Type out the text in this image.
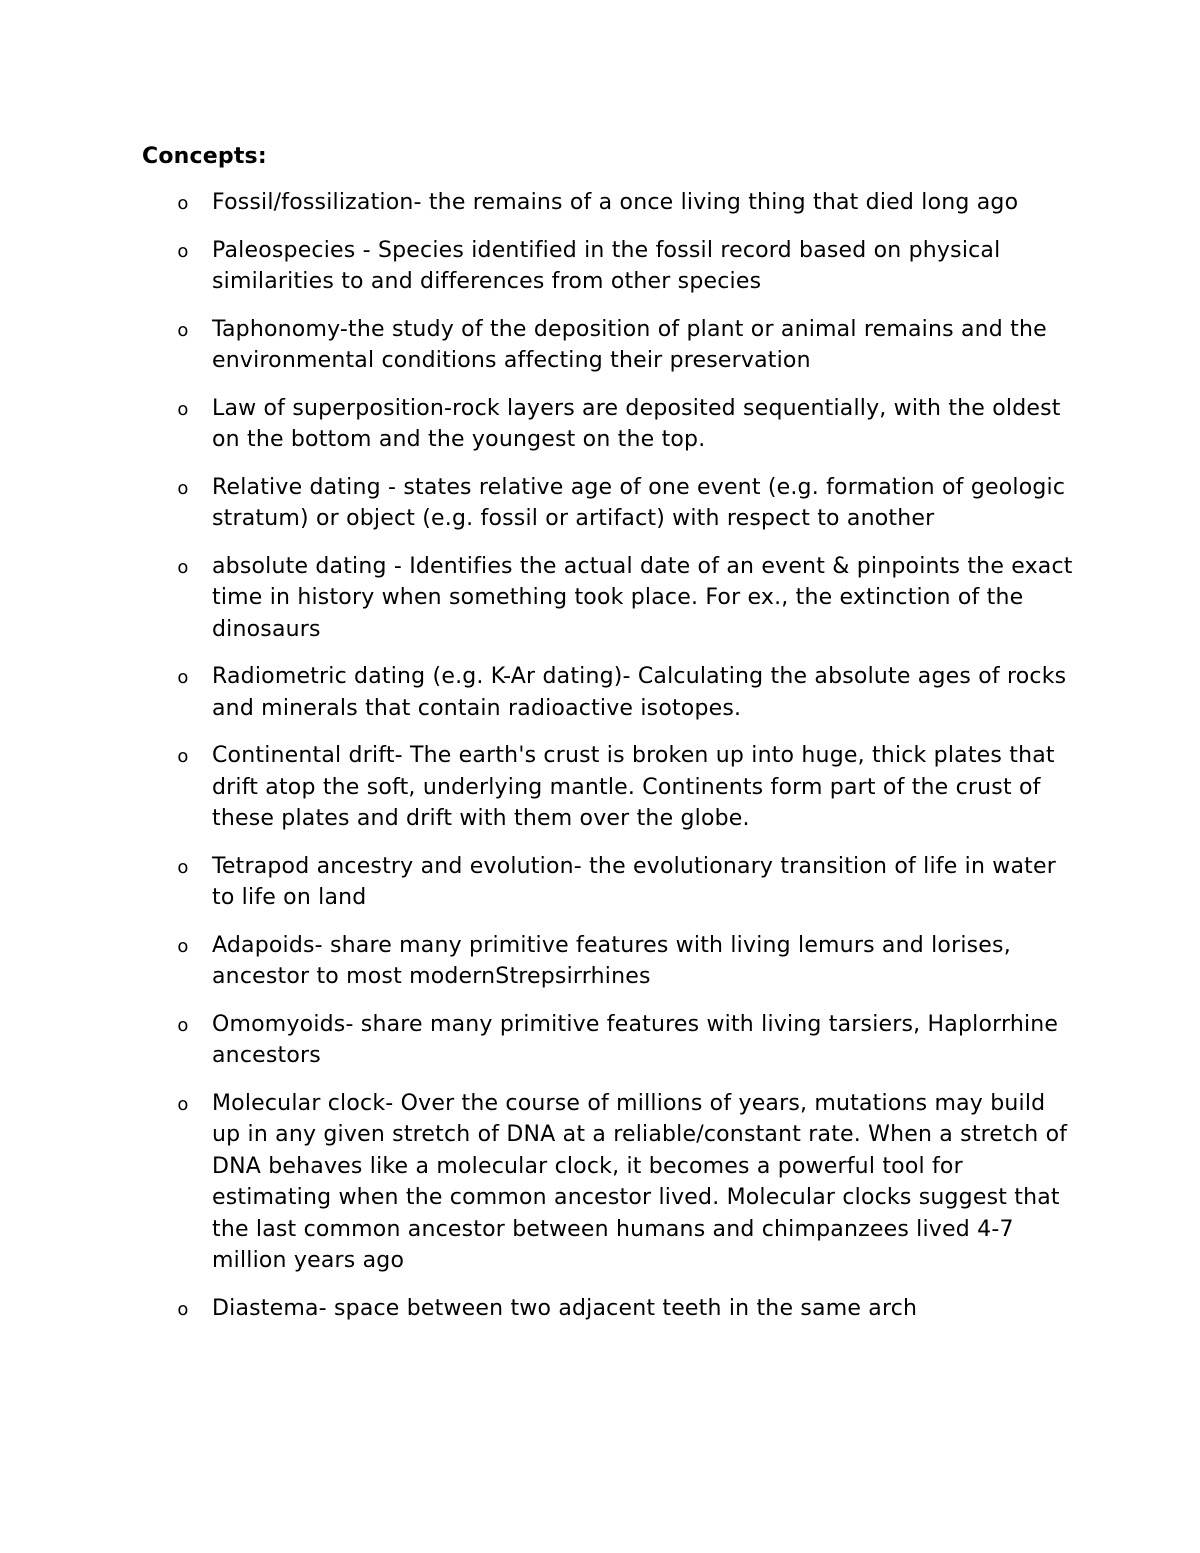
Concepts:
o Fossil/fossilization- the remains of a once living thing that died long ago
o Paleospecies - Species identified in the fossil record based on physical similarities to and differences from other species
o Taphonomy-the study of the deposition of plant or animal remains and the environmental conditions affecting their preservation
o Law of superposition-rock layers are deposited sequentially, with the oldest on the bottom and the youngest on the top.
o Relative dating - states relative age of one event (e.g. formation of geologic stratum) or object (e.g. fossil or artifact) with respect to another
o absolute dating - Identifies the actual date of an event & pinpoints the exact time in history when something took place. For ex., the extinction of the dinosaurs
o Radiometric dating (e.g. K-Ar dating)- Calculating the absolute ages of rocks and minerals that contain radioactive isotopes.
o Continental drift- The earth's crust is broken up into huge, thick plates that drift atop the soft, underlying mantle. Continents form part of the crust of these plates and drift with them over the globe.
o Tetrapod ancestry and evolution- the evolutionary transition of life in water to life on land
o Adapoids- share many primitive features with living lemurs and lorises, ancestor to most modernStrepsirrhines
o Omomyoids- share many primitive features with living tarsiers, Haplorrhine ancestors
o Molecular clock- Over the course of millions of years, mutations may build up in any given stretch of DNA at a reliable/constant rate. When a stretch of DNA behaves like a molecular clock, it becomes a powerful tool for estimating when the common ancestor lived. Molecular clocks suggest that the last common ancestor between humans and chimpanzees lived 4-7 million years ago
o Diastema- space between two adjacent teeth in the same arch
